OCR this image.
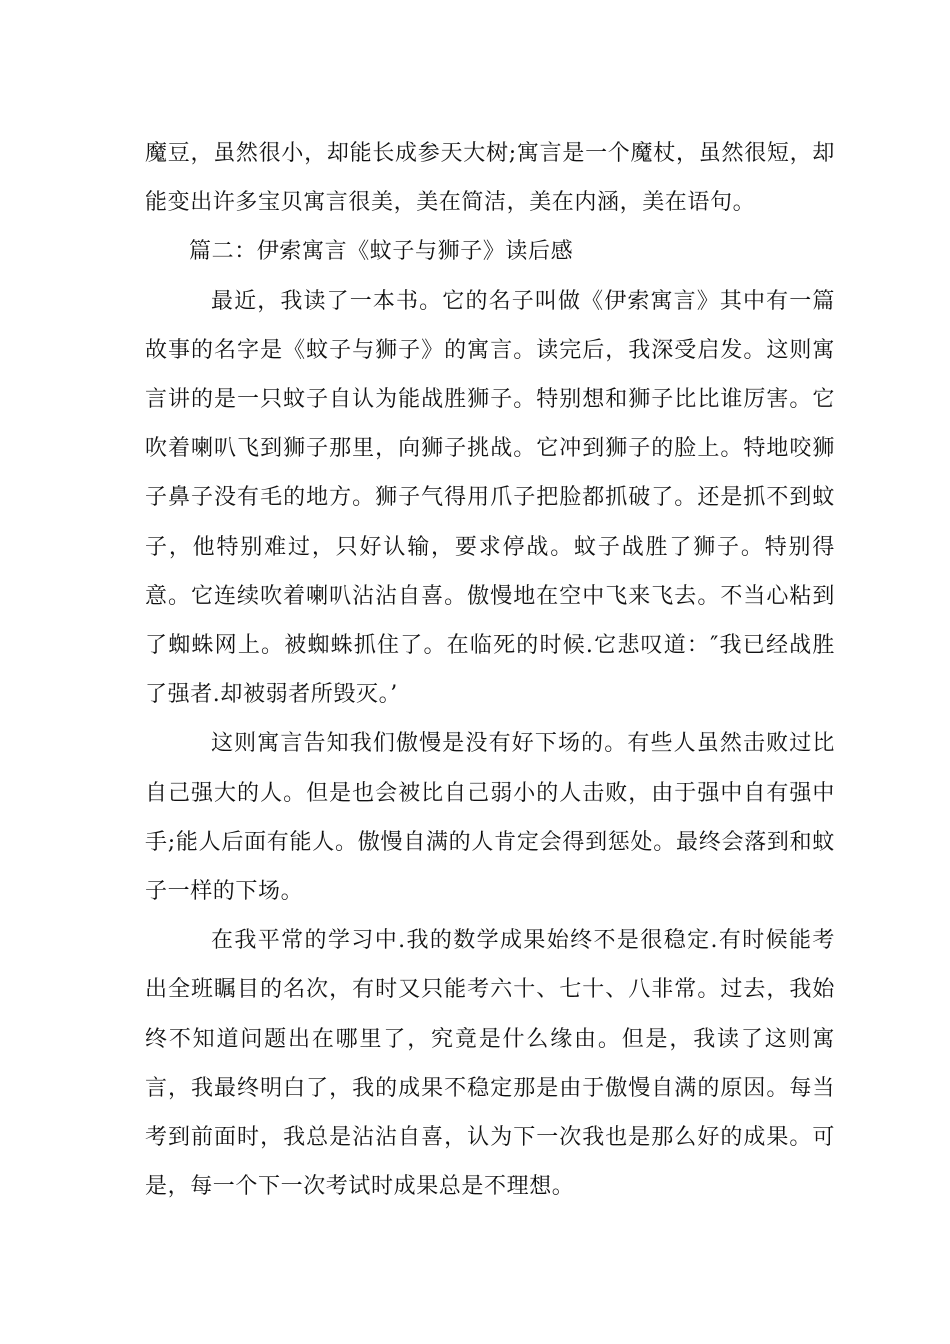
魔豆，虽然很小，却能长成参天大树;寓言是一个魔杖，虽然很短，却能变出许多宝贝寓言很美，美在简洁，美在内涵，美在语句。

篇二：伊索寓言《蚊子与狮子》读后感

最近，我读了一本书。它的名子叫做《伊索寓言》其中有一篇故事的名字是《蚊子与狮子》的寓言。读完后，我深受启发。这则寓言讲的是一只蚊子自认为能战胜狮子。特别想和狮子比比谁厉害。它吹着喇叭飞到狮子那里，向狮子挑战。它冲到狮子的脸上。特地咬狮子鼻子没有毛的地方。狮子气得用爪子把脸都抓破了。还是抓不到蚊子，他特别难过，只好认输，要求停战。蚊子战胜了狮子。特别得意。它连续吹着喇叭沾沾自喜。傲慢地在空中飞来飞去。不当心粘到了蜘蛛网上。被蜘蛛抓住了。在临死的时候.它悲叹道：″我已经战胜了强者.却被弱者所毁灭。’

这则寓言告知我们傲慢是没有好下场的。有些人虽然击败过比自己强大的人。但是也会被比自己弱小的人击败，由于强中自有强中手;能人后面有能人。傲慢自满的人肯定会得到惩处。最终会落到和蚊子一样的下场。

在我平常的学习中.我的数学成果始终不是很稳定.有时候能考出全班瞩目的名次，有时又只能考六十、七十、八非常。过去，我始终不知道问题出在哪里了，究竟是什么缘由。但是，我读了这则寓言，我最终明白了，我的成果不稳定那是由于傲慢自满的原因。每当考到前面时，我总是沾沾自喜，认为下一次我也是那么好的成果。可是，每一个下一次考试时成果总是不理想。
